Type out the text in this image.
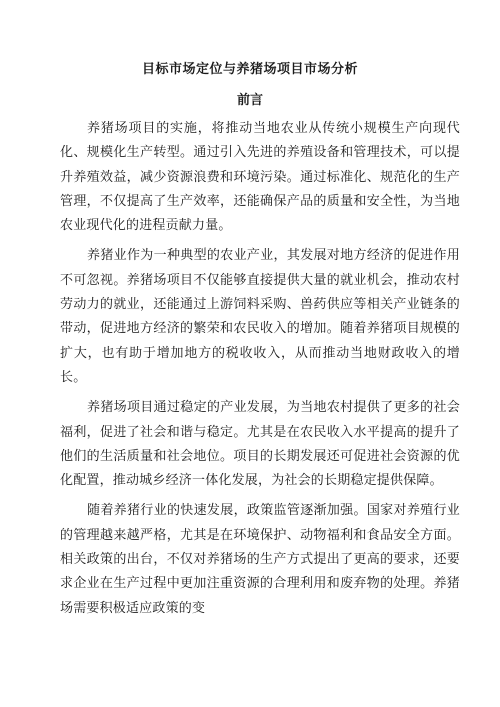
目标市场定位与养猪场项目市场分析
前言

养猪场项目的实施，将推动当地农业从传统小规模生产向现代化、规模化生产转型。通过引入先进的养殖设备和管理技术，可以提升养殖效益，减少资源浪费和环境污染。通过标准化、规范化的生产管理，不仅提高了生产效率，还能确保产品的质量和安全性，为当地农业现代化的进程贡献力量。

养猪业作为一种典型的农业产业，其发展对地方经济的促进作用不可忽视。养猪场项目不仅能够直接提供大量的就业机会，推动农村劳动力的就业，还能通过上游饲料采购、兽药供应等相关产业链条的带动，促进地方经济的繁荣和农民收入的增加。随着养猪项目规模的扩大，也有助于增加地方的税收收入，从而推动当地财政收入的增长。

养猪场项目通过稳定的产业发展，为当地农村提供了更多的社会福利，促进了社会和谐与稳定。尤其是在农民收入水平提高的提升了他们的生活质量和社会地位。项目的长期发展还可促进社会资源的优化配置，推动城乡经济一体化发展，为社会的长期稳定提供保障。

随着养猪行业的快速发展，政策监管逐渐加强。国家对养殖行业的管理越来越严格，尤其是在环境保护、动物福利和食品安全方面。相关政策的出台，不仅对养猪场的生产方式提出了更高的要求，还要求企业在生产过程中更加注重资源的合理利用和废弃物的处理。养猪场需要积极适应政策的变
